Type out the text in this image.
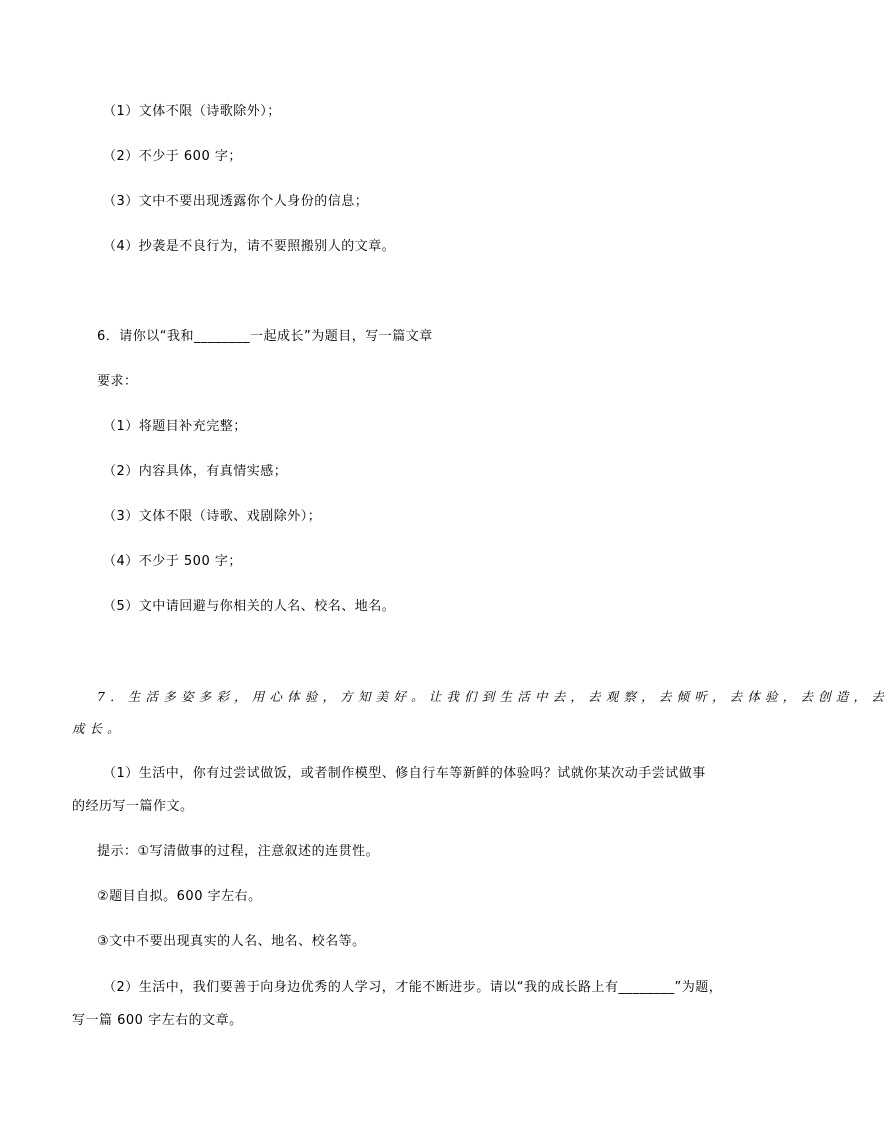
（1）文体不限（诗歌除外）；
（2）不少于 600 字；
（3）文中不要出现透露你个人身份的信息；
（4）抄袭是不良行为，请不要照搬别人的文章。
6．请你以“我和________一起成长”为题目，写一篇文章
要求：
（1）将题目补充完整；
（2）内容具体，有真情实感；
（3）文体不限（诗歌、戏剧除外）；
（4）不少于 500 字；
（5）文中请回避与你相关的人名、校名、地名。
7．生活多姿多彩，用心体验，方知美好。让我们到生活中去，去观察，去倾听，去体验，去创造，去
成长。
（1）生活中，你有过尝试做饭，或者制作模型、修自行车等新鲜的体验吗？试就你某次动手尝试做事
的经历写一篇作文。
提示：①写清做事的过程，注意叙述的连贯性。
②题目自拟。600 字左右。
③文中不要出现真实的人名、地名、校名等。
（2）生活中，我们要善于向身边优秀的人学习，才能不断进步。请以“我的成长路上有________”为题，
写一篇 600 字左右的文章。
